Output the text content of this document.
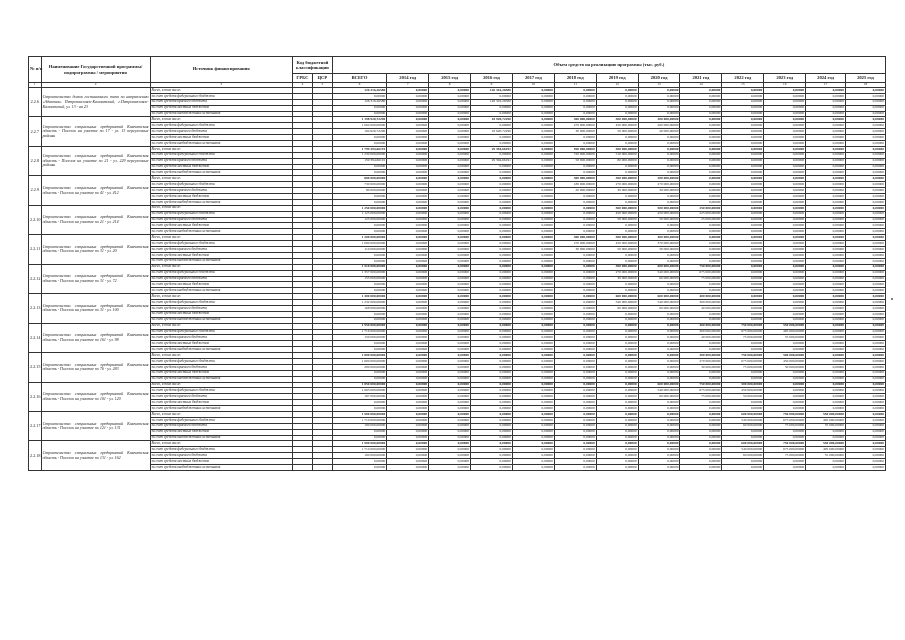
№ п/п	Наименование Государственной программы/ подпрограммы / мероприятия	Источник финансирования	Код бюджетной классификации		Объем средств на реализацию программы (тыс. руб.)												
			ГРБС	ЦСР	ВСЕГО	2014 год	2015 год	2016 год	2017 год	2018 год	2019 год	2020 год	2021 год	2022 год	2023 год	2024 год	2025 год
1	2	3	4	5	6	7	8	9	10	11	12	13	14	15	16	17	18
2.2.6	Строительство домов гостиничного типа по направлению «Адаптив» Петропавловск-Камчатский, г.Петропавловск-Камчатский, ул. 13 - ая 23	Всего, в том числе:			126 316,26580	0,00000	0,00000	126 316,26580	0,00000	0,00000	0,00000	0,00000	0,00000	0,00000	0,00000	0,00000	0,00000
		за счет средств федерального бюджета			0,00000	0,00000	0,00000	0,00000	0,00000	0,00000	0,00000	0,00000	0,00000	0,00000	0,00000	0,00000	0,00000
		за счет средств краевого бюджета			126 316,26580	0,00000	0,00000	126 316,26580	0,00000	0,00000	0,00000	0,00000	0,00000	0,00000	0,00000	0,00000	0,00000
		за счет средств местных бюджетов			0,00000	0,00000	0,00000	0,00000	0,00000	0,00000	0,00000	0,00000	0,00000	0,00000	0,00000	0,00000	0,00000
		за счет средств внебюджетных источников			0,00000	0,00000	0,00000	0,00000	0,00000	0,00000	0,00000	0,00000	0,00000	0,00000	0,00000	0,00000	0,00000
2.2.7	Строительство специальных предприятий Камчатская область - Поселок на участке по 17 - ул. 13 переулочные районы	Всего, в том числе:			1 198 920,72290	0,00000	0,00000	18 920,72290	0,00000	300 000,00000	500 000,00000	300 000,00000	0,00000	0,00000	0,00000	0,00000	0,00000
		за счет средств федерального бюджета			1 004 000,00000	0,00000	0,00000	0,00000	0,00000	279 000,00000	450 000,00000	260 000,00000	0,00000	0,00000	0,00000	0,00000	0,00000
		за счет средств краевого бюджета			194 920,72290	0,00000	0,00000	18 920,72290	0,00000	30 000,00000	50 000,00000	40 000,00000	0,00000	0,00000	0,00000	0,00000	0,00000
		за счет средств местных бюджетов			0,00000	0,00000	0,00000	0,00000	0,00000	0,00000	0,00000	0,00000	0,00000	0,00000	0,00000	0,00000	0,00000
		за счет средств внебюджетных источников			0,00000	0,00000	0,00000	0,00000	0,00000	0,00000	0,00000	0,00000	0,00000	0,00000	0,00000	0,00000	0,00000
2.2.8	Строительство специальных предприятий Камчатская область - Поселок на участке по 21 - ул. 229 переулочные районы	Всего, в том числе:			1 799 394,66191	0,00000	0,00000	29 394,66191	0,00000	590 000,00000	500 000,00000	0,00000	0,00000	0,00000	0,00000	0,00000	0,00000
		за счет средств федерального бюджета			1 230 000,00000	0,00000	0,00000	0,00000	0,00000	720 000,00000	510 000,00000	0,00000	0,00000	0,00000	0,00000	0,00000	0,00000
		за счет средств краевого бюджета			159 394,66191	0,00000	0,00000	29 394,66191	0,00000	50 000,00000	80 000,00000	0,00000	0,00000	0,00000	0,00000	0,00000	0,00000
		за счет средств местных бюджетов			0,00000	0,00000	0,00000	0,00000	0,00000	0,00000	0,00000	0,00000	0,00000	0,00000	0,00000	0,00000	0,00000
		за счет средств внебюджетных источников			0,00000	0,00000	0,00000	0,00000	0,00000	0,00000	0,00000	0,00000	0,00000	0,00000	0,00000	0,00000	0,00000
2.2.9	Строительство специальных предприятий Камчатская область - Поселок на участке по 41 - ул. 412	Всего, в том числе:			800 000,00000	0,00000	0,00000	0,00000	0,00000	300 000,00000	300 000,00000	200 000,00000	0,00000	0,00000	0,00000	0,00000	0,00000
		за счет средств федерального бюджета			730 000,00000	0,00000	0,00000	0,00000	0,00000	180 000,00000	270 000,00000	270 000,00000	0,00000	0,00000	0,00000	0,00000	0,00000
		за счет средств краевого бюджета			80 000,00000	0,00000	0,00000	0,00000	0,00000	20 000,00000	30 000,00000	30 000,00000	0,00000	0,00000	0,00000	0,00000	0,00000
		за счет средств местных бюджетов			0,00000	0,00000	0,00000	0,00000	0,00000	0,00000	0,00000	0,00000	0,00000	0,00000	0,00000	0,00000	0,00000
		за счет средств внебюджетных источников			0,00000	0,00000	0,00000	0,00000	0,00000	0,00000	0,00000	0,00000	0,00000	0,00000	0,00000	0,00000	0,00000
2.2.10	Строительство специальных предприятий Камчатская область - Поселок на участке по 21 - ул. 214	Всего, в том числе:			1 250 000,00000	0,00000	0,00000	0,00000	0,00000	0,00000	500 000,00000	500 000,00000	250 000,00000	0,00000	0,00000	0,00000	0,00000
		за счет средств федерального бюджета			1 125 000,00000	0,00000	0,00000	0,00000	0,00000	0,00000	450 000,00000	450 000,00000	225 000,00000	0,00000	0,00000	0,00000	0,00000
		за счет средств краевого бюджета			125 000,00000	0,00000	0,00000	0,00000	0,00000	0,00000	50 000,00000	50 000,00000	25 000,00000	0,00000	0,00000	0,00000	0,00000
		за счет средств местных бюджетов			0,00000	0,00000	0,00000	0,00000	0,00000	0,00000	0,00000	0,00000	0,00000	0,00000	0,00000	0,00000	0,00000
		за счет средств внебюджетных источников			0,00000	0,00000	0,00000	0,00000	0,00000	0,00000	0,00000	0,00000	0,00000	0,00000	0,00000	0,00000	0,00000
2.2.11	Строительство специальных предприятий Камчатская область - Поселок на участке по 31 - ул. 20	Всего, в том числе:			1 200 000,00000	0,00000	0,00000	0,00000	0,00000	300 000,00000	500 000,00000	400 000,00000	0,00000	0,00000	0,00000	0,00000	0,00000
		за счет средств федерального бюджета			1 090 000,00000	0,00000	0,00000	0,00000	0,00000	270 000,00000	450 000,00000	370 000,00000	0,00000	0,00000	0,00000	0,00000	0,00000
		за счет средств краевого бюджета			110 000,00000	0,00000	0,00000	0,00000	0,00000	30 000,00000	50 000,00000	30 000,00000	0,00000	0,00000	0,00000	0,00000	0,00000
		за счет средств местных бюджетов			0,00000	0,00000	0,00000	0,00000	0,00000	0,00000	0,00000	0,00000	0,00000	0,00000	0,00000	0,00000	0,00000
		за счет средств внебюджетных источников			0,00000	0,00000	0,00000	0,00000	0,00000	0,00000	0,00000	0,00000	0,00000	0,00000	0,00000	0,00000	0,00000
2.2.12	Строительство специальных предприятий Камчатская область - Поселок на участке по 31 - ул. 72	Всего, в том числе:			1 510 000,00000	0,00000	0,00000	0,00000	0,00000	0,00000	300 000,00000	600 000,00000	750 000,00000	0,00000	0,00000	0,00000	0,00000
		за счет средств федерального бюджета			1 357 000,00000	0,00000	0,00000	0,00000	0,00000	0,00000	270 000,00000	540 000,00000	675 000,00000	0,00000	0,00000	0,00000	0,00000
		за счет средств краевого бюджета			153 000,00000	0,00000	0,00000	0,00000	0,00000	0,00000	30 000,00000	60 000,00000	75 000,00000	0,00000	0,00000	0,00000	0,00000
		за счет средств местных бюджетов			0,00000	0,00000	0,00000	0,00000	0,00000	0,00000	0,00000	0,00000	0,00000	0,00000	0,00000	0,00000	0,00000
		за счет средств внебюджетных источников			0,00000	0,00000	0,00000	0,00000	0,00000	0,00000	0,00000	0,00000	0,00000	0,00000	0,00000	0,00000	0,00000
2.2.13	Строительство специальных предприятий Камчатская область - Поселок на участке по 31 - ул. 100	Всего, в том числе:			1 400 000,00000	0,00000	0,00000	0,00000	0,00000	0,00000	600 000,00000	600 000,00000	400 000,00000	0,00000	0,00000	0,00000	0,00000
		за счет средств федерального бюджета			1 232 000,00000	0,00000	0,00000	0,00000	0,00000	0,00000	540 000,00000	540 000,00000	360 000,00000	0,00000	0,00000	0,00000	0,00000
		за счет средств краевого бюджета			168 000,00000	0,00000	0,00000	0,00000	0,00000	0,00000	60 000,00000	60 000,00000	40 000,00000	0,00000	0,00000	0,00000	0,00000
		за счет средств местных бюджетов			0,00000	0,00000	0,00000	0,00000	0,00000	0,00000	0,00000	0,00000	0,00000	0,00000	0,00000	0,00000	0,00000
		за счет средств внебюджетных источников			0,00000	0,00000	0,00000	0,00000	0,00000	0,00000	0,00000	0,00000	0,00000	0,00000	0,00000	0,00000	0,00000
2.2.14	Строительство специальных предприятий Камчатская область - Поселок на участке по 161 - ул. 98	Всего, в том числе:			1 950 000,00000	0,00000	0,00000	0,00000	0,00000	0,00000	0,00000	0,00000	400 000,00000	750 000,00000	550 000,00000	0,00000	0,00000
		за счет средств федерального бюджета			1 716 000,00000	0,00000	0,00000	0,00000	0,00000	0,00000	0,00000	0,00000	360 000,00000	675 000,00000	495 000,00000	0,00000	0,00000
		за счет средств краевого бюджета			150 000,00000	0,00000	0,00000	0,00000	0,00000	0,00000	0,00000	0,00000	40 000,00000	75 000,00000	55 000,00000	0,00000	0,00000
		за счет средств местных бюджетов			0,00000	0,00000	0,00000	0,00000	0,00000	0,00000	0,00000	0,00000	0,00000	0,00000	0,00000	0,00000	0,00000
		за счет средств внебюджетных источников			0,00000	0,00000	0,00000	0,00000	0,00000	0,00000	0,00000	0,00000	0,00000	0,00000	0,00000	0,00000	0,00000
2.2.15	Строительство специальных предприятий Камчатская область - Поселок на участке по 76 - ул. 283	Всего, в том числе:			1 800 000,00000	0,00000	0,00000	0,00000	0,00000	0,00000	0,00000	0,00000	300 000,00000	750 000,00000	500 000,00000	0,00000	0,00000
		за счет средств федерального бюджета			1 600 000,00000	0,00000	0,00000	0,00000	0,00000	0,00000	0,00000	0,00000	270 000,00000	675 000,00000	450 000,00000	0,00000	0,00000
		за счет средств краевого бюджета			200 000,00000	0,00000	0,00000	0,00000	0,00000	0,00000	0,00000	0,00000	30 000,00000	75 000,00000	50 000,00000	0,00000	0,00000
		за счет средств местных бюджетов			0,00000	0,00000	0,00000	0,00000	0,00000	0,00000	0,00000	0,00000	0,00000	0,00000	0,00000	0,00000	0,00000
		за счет средств внебюджетных источников			0,00000	0,00000	0,00000	0,00000	0,00000	0,00000	0,00000	0,00000	0,00000	0,00000	0,00000	0,00000	0,00000
2.2.16	Строительство специальных предприятий Камчатская область - Поселок на участке по 101 - ул. 120	Всего, в том числе:			1 850 000,00000	0,00000	0,00000	0,00000	0,00000	0,00000	0,00000	600 000,00000	750 000,00000	500 000,00000	0,00000	0,00000	0,00000
		за счет средств федерального бюджета			1 663 000,00000	0,00000	0,00000	0,00000	0,00000	0,00000	0,00000	540 000,00000	675 000,00000	450 000,00000	0,00000	0,00000	0,00000
		за счет средств краевого бюджета			187 000,00000	0,00000	0,00000	0,00000	0,00000	0,00000	0,00000	60 000,00000	75 000,00000	50 000,00000	0,00000	0,00000	0,00000
		за счет средств местных бюджетов			0,00000	0,00000	0,00000	0,00000	0,00000	0,00000	0,00000	0,00000	0,00000	0,00000	0,00000	0,00000	0,00000
		за счет средств внебюджетных источников			0,00000	0,00000	0,00000	0,00000	0,00000	0,00000	0,00000	0,00000	0,00000	0,00000	0,00000	0,00000	0,00000
2.2.17	Строительство специальных предприятий Камчатская область - Поселок на участке по 121 - ул. 131	Всего, в том числе:			1 900 000,00000	0,00000	0,00000	0,00000	0,00000	0,00000	0,00000	0,00000	0,00000	600 000,00000	750 000,00000	550 000,00000	0,00000
		за счет средств федерального бюджета			1 710 000,00000	0,00000	0,00000	0,00000	0,00000	0,00000	0,00000	0,00000	0,00000	540 000,00000	675 000,00000	495 000,00000	0,00000
		за счет средств краевого бюджета			190 000,00000	0,00000	0,00000	0,00000	0,00000	0,00000	0,00000	0,00000	0,00000	60 000,00000	75 000,00000	55 000,00000	0,00000
		за счет средств местных бюджетов			0,00000	0,00000	0,00000	0,00000	0,00000	0,00000	0,00000	0,00000	0,00000	0,00000	0,00000	0,00000	0,00000
		за счет средств внебюджетных источников			0,00000	0,00000	0,00000	0,00000	0,00000	0,00000	0,00000	0,00000	0,00000	0,00000	0,00000	0,00000	0,00000
2.2.18	Строительство специальных предприятий Камчатская область - Поселок на участке по 131 - ул. 162	Всего, в том числе:			1 900 000,00000	0,00000	0,00000	0,00000	0,00000	0,00000	0,00000	0,00000	0,00000	600 000,00000	750 000,00000	550 000,00000	0,00000
		за счет средств федерального бюджета			1 710 000,00000	0,00000	0,00000	0,00000	0,00000	0,00000	0,00000	0,00000	0,00000	540 000,00000	675 000,00000	495 000,00000	0,00000
		за счет средств краевого бюджета			190 000,00000	0,00000	0,00000	0,00000	0,00000	0,00000	0,00000	0,00000	0,00000	60 000,00000	75 000,00000	55 000,00000	0,00000
		за счет средств местных бюджетов			0,00000	0,00000	0,00000	0,00000	0,00000	0,00000	0,00000	0,00000	0,00000	0,00000	0,00000	0,00000	0,00000
		за счет средств внебюджетных источников			0,00000	0,00000	0,00000	0,00000	0,00000	0,00000	0,00000	0,00000	0,00000	0,00000	0,00000	0,00000	0,00000
